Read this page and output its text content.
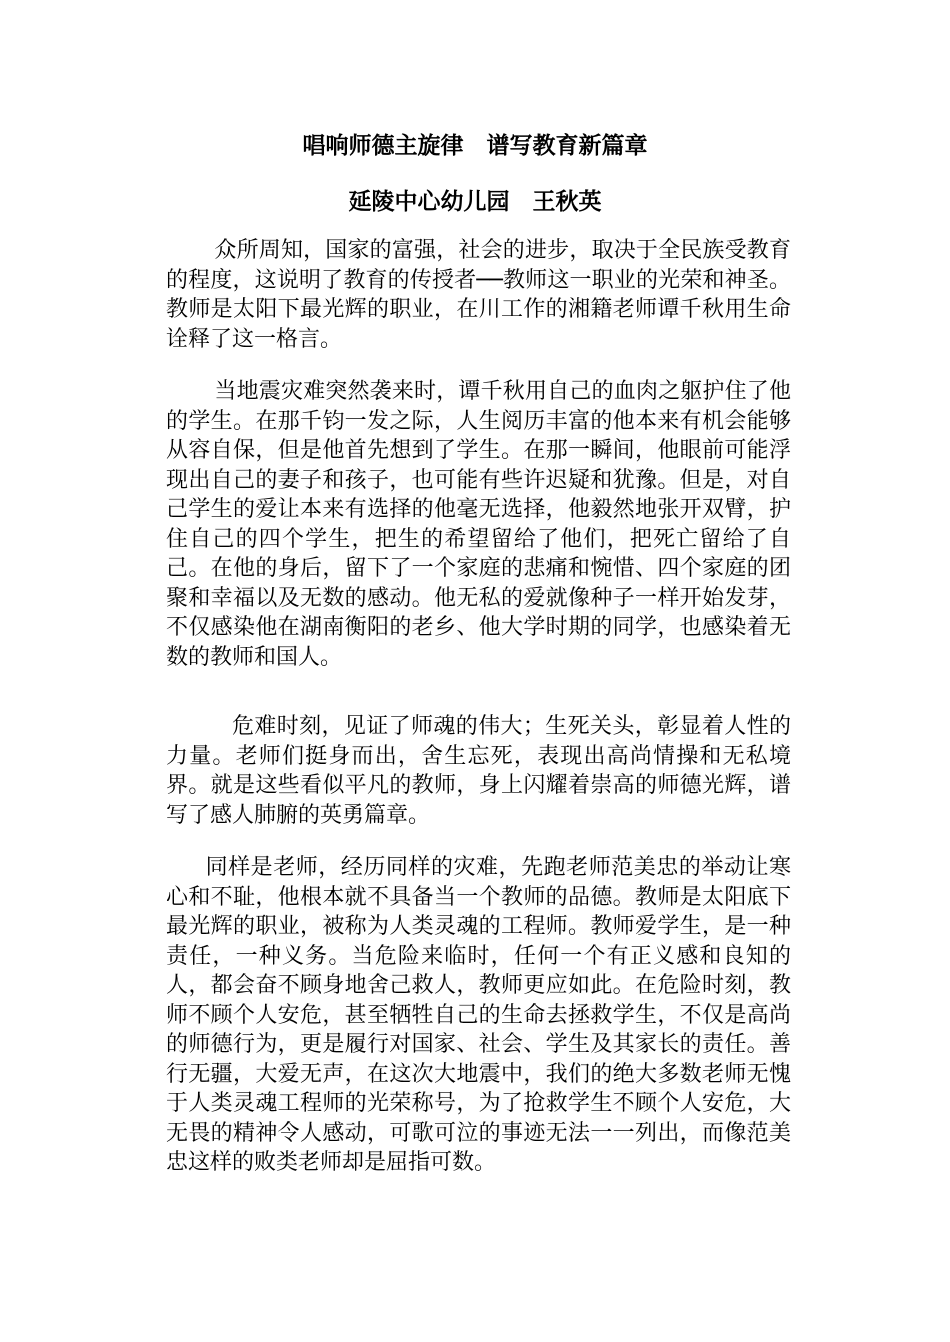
唱响师德主旋律　谱写教育新篇章
延陵中心幼儿园　王秋英

众所周知，国家的富强，社会的进步，取决于全民族受教育的程度，这说明了教育的传授者──教师这一职业的光荣和神圣。教师是太阳下最光辉的职业，在川工作的湘籍老师谭千秋用生命诠释了这一格言。

当地震灾难突然袭来时，谭千秋用自己的血肉之躯护住了他的学生。在那千钧一发之际，人生阅历丰富的他本来有机会能够从容自保，但是他首先想到了学生。在那一瞬间，他眼前可能浮现出自己的妻子和孩子，也可能有些许迟疑和犹豫。但是，对自己学生的爱让本来有选择的他毫无选择，他毅然地张开双臂，护住自己的四个学生，把生的希望留给了他们，把死亡留给了自己。在他的身后，留下了一个家庭的悲痛和惋惜、四个家庭的团聚和幸福以及无数的感动。他无私的爱就像种子一样开始发芽，不仅感染他在湖南衡阳的老乡、他大学时期的同学，也感染着无数的教师和国人。

危难时刻，见证了师魂的伟大；生死关头，彰显着人性的力量。老师们挺身而出，舍生忘死，表现出高尚情操和无私境界。就是这些看似平凡的教师，身上闪耀着崇高的师德光辉，谱写了感人肺腑的英勇篇章。

同样是老师，经历同样的灾难，先跑老师范美忠的举动让寒心和不耻，他根本就不具备当一个教师的品德。教师是太阳底下最光辉的职业，被称为人类灵魂的工程师。教师爱学生，是一种责任，一种义务。当危险来临时，任何一个有正义感和良知的人，都会奋不顾身地舍己救人，教师更应如此。在危险时刻，教师不顾个人安危，甚至牺牲自己的生命去拯救学生，不仅是高尚的师德行为，更是履行对国家、社会、学生及其家长的责任。善行无疆，大爱无声，在这次大地震中，我们的绝大多数老师无愧于人类灵魂工程师的光荣称号，为了抢救学生不顾个人安危，大无畏的精神令人感动，可歌可泣的事迹无法一一列出，而像范美忠这样的败类老师却是屈指可数。
